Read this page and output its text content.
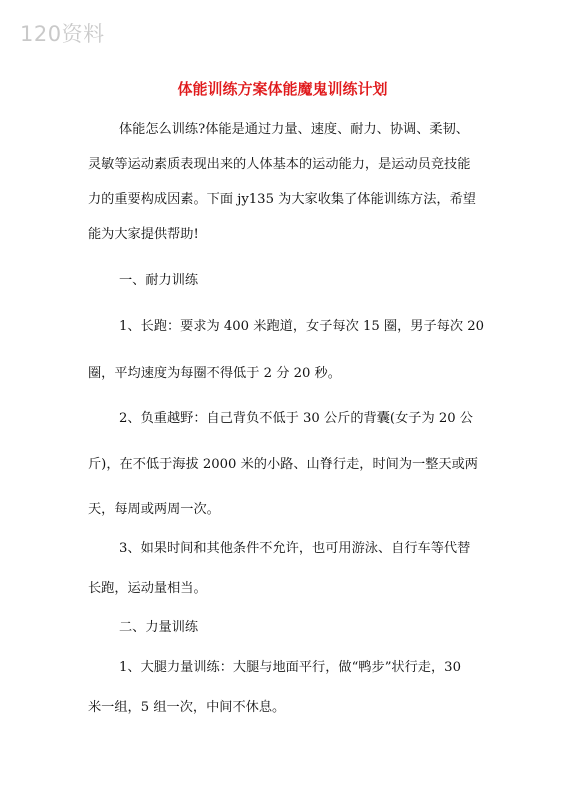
120资料
体能训练方案体能魔鬼训练计划
体能怎么训练?体能是通过力量、速度、耐力、协调、柔韧、
灵敏等运动素质表现出来的人体基本的运动能力，是运动员竞技能
力的重要构成因素。下面 jy135 为大家收集了体能训练方法，希望
能为大家提供帮助!
一、耐力训练
1、长跑：要求为 400 米跑道，女子每次 15 圈，男子每次 20
圈，平均速度为每圈不得低于 2 分 20 秒。
2、负重越野：自己背负不低于 30 公斤的背囊(女子为 20 公
斤)，在不低于海拔 2000 米的小路、山脊行走，时间为一整天或两
天，每周或两周一次。
3、如果时间和其他条件不允许，也可用游泳、自行车等代替
长跑，运动量相当。
二、力量训练
1、大腿力量训练：大腿与地面平行，做“鸭步”状行走，30
米一组，5 组一次，中间不休息。
